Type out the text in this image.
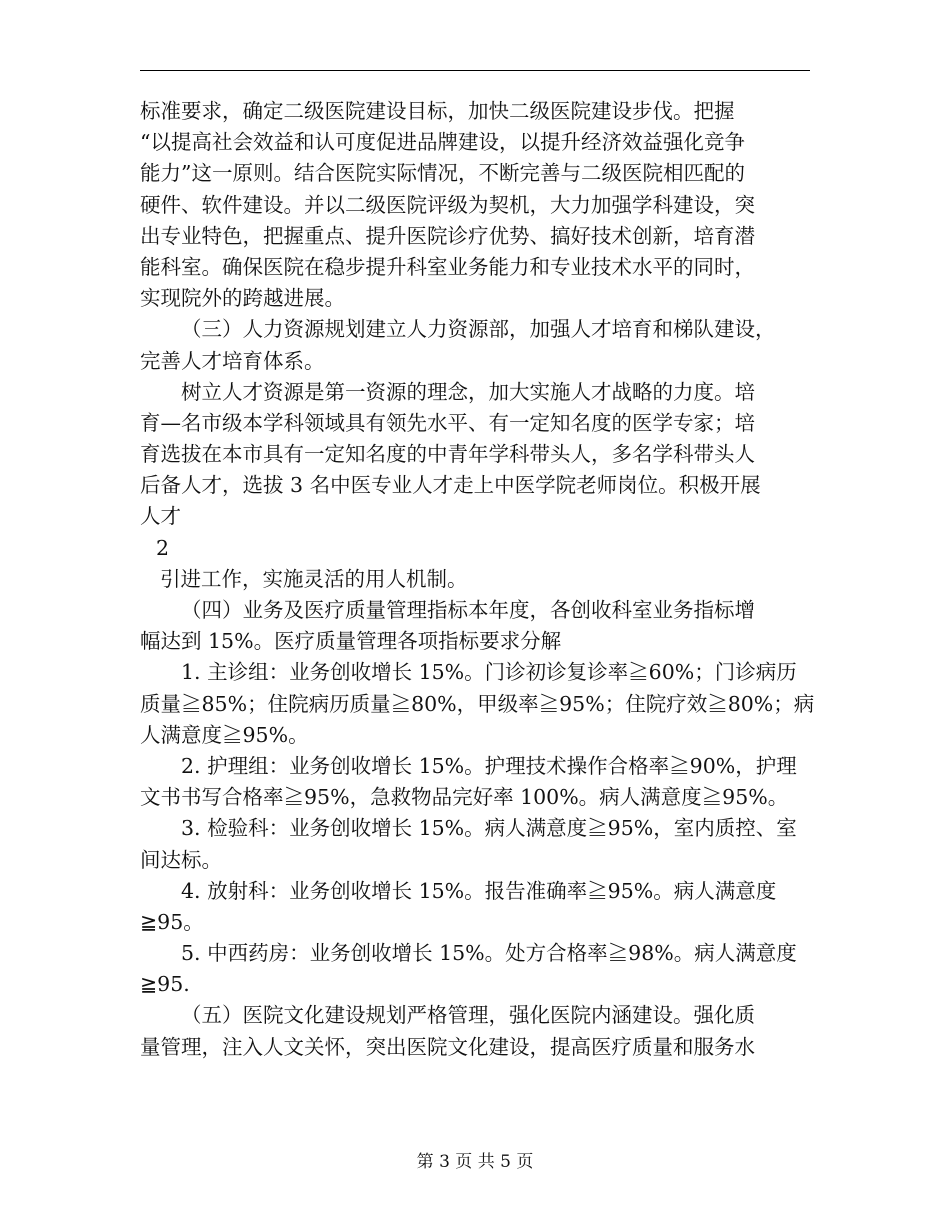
标准要求，确定二级医院建设目标，加快二级医院建设步伐。把握
“以提高社会效益和认可度促进品牌建设，以提升经济效益强化竞争
能力”这一原则。结合医院实际情况，不断完善与二级医院相匹配的
硬件、软件建设。并以二级医院评级为契机，大力加强学科建设，突
出专业特色，把握重点、提升医院诊疗优势、搞好技术创新，培育潜
能科室。确保医院在稳步提升科室业务能力和专业技术水平的同时，
实现院外的跨越进展。
（三）人力资源规划建立人力资源部，加强人才培育和梯队建设，
完善人才培育体系。
树立人才资源是第一资源的理念，加大实施人才战略的力度。培
育—名市级本学科领域具有领先水平、有一定知名度的医学专家；培
育选拔在本市具有一定知名度的中青年学科带头人，多名学科带头人
后备人才，选拔 3 名中医专业人才走上中医学院老师岗位。积极开展
人才
2
引进工作，实施灵活的用人机制。
（四）业务及医疗质量管理指标本年度，各创收科室业务指标增
幅达到 15%。医疗质量管理各项指标要求分解
1. 主诊组：业务创收增长 15%。门诊初诊复诊率≧60%；门诊病历
质量≧85%；住院病历质量≧80%，甲级率≧95%；住院疗效≧80%；病
人满意度≧95%。
2. 护理组：业务创收增长 15%。护理技术操作合格率≧90%，护理
文书书写合格率≧95%，急救物品完好率 100%。病人满意度≧95%。
3. 检验科：业务创收增长 15%。病人满意度≧95%，室内质控、室
间达标。
4. 放射科：业务创收增长 15%。报告准确率≧95%。病人满意度
≧95。
5. 中西药房：业务创收增长 15%。处方合格率≧98%。病人满意度
≧95.
（五）医院文化建设规划严格管理，强化医院内涵建设。强化质
量管理，注入人文关怀，突出医院文化建设，提高医疗质量和服务水
第 3 页 共 5 页
